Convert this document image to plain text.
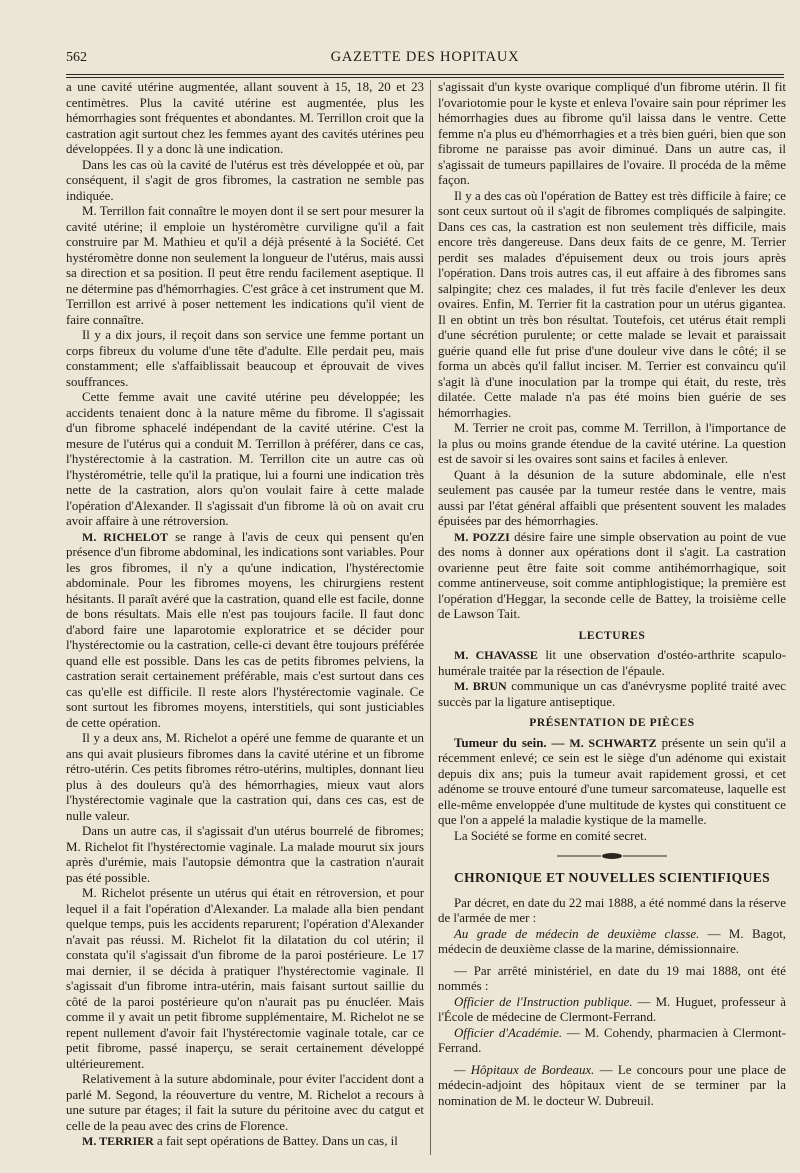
562	GAZETTE DES HOPITAUX

a une cavité utérine augmentée, allant souvent à 15, 18, 20 et 23 centimètres. Plus la cavité utérine est augmentée, plus les hémorrhagies sont fréquentes et abondantes. M. Terrillon croit que la castration agit surtout chez les femmes ayant des cavités utérines peu développées. Il y a donc là une indication.

Dans les cas où la cavité de l'utérus est très développée et où, par conséquent, il s'agit de gros fibromes, la castration ne semble pas indiquée.

M. Terrillon fait connaître le moyen dont il se sert pour mesurer la cavité utérine; il emploie un hystéromètre curviligne qu'il a fait construire par M. Mathieu et qu'il a déjà présenté à la Société. Cet hystéromètre donne non seulement la longueur de l'utérus, mais aussi sa direction et sa position. Il peut être rendu facilement aseptique. Il ne détermine pas d'hémorrhagies. C'est grâce à cet instrument que M. Terrillon est arrivé à poser nettement les indications qu'il vient de faire connaître.

Il y a dix jours, il reçoit dans son service une femme portant un corps fibreux du volume d'une tête d'adulte. Elle perdait peu, mais constamment; elle s'affaiblissait beaucoup et éprouvait de vives souffrances.

Cette femme avait une cavité utérine peu développée; les accidents tenaient donc à la nature même du fibrome. Il s'agissait d'un fibrome sphacelé indépendant de la cavité utérine. C'est la mesure de l'utérus qui a conduit M. Terrillon à préférer, dans ce cas, l'hystérectomie à la castration. M. Terrillon cite un autre cas où l'hystérométrie, telle qu'il la pratique, lui a fourni une indication très nette de la castration, alors qu'on voulait faire à cette malade l'opération d'Alexander. Il s'agissait d'un fibrome là où on avait cru avoir affaire à une rétroversion.

M. RICHELOT se range à l'avis de ceux qui pensent qu'en présence d'un fibrome abdominal, les indications sont variables. Pour les gros fibromes, il n'y a qu'une indication, l'hystérectomie abdominale. Pour les fibromes moyens, les chirurgiens restent hésitants. Il paraît avéré que la castration, quand elle est facile, donne de bons résultats. Mais elle n'est pas toujours facile. Il faut donc d'abord faire une laparotomie exploratrice et se décider pour l'hystérectomie ou la castration, celle-ci devant être toujours préférée quand elle est possible. Dans les cas de petits fibromes pelviens, la castration serait certainement préférable, mais c'est surtout dans ces cas qu'elle est difficile. Il reste alors l'hystérectomie vaginale. Ce sont surtout les fibromes moyens, interstitiels, qui sont justiciables de cette opération.

Il y a deux ans, M. Richelot a opéré une femme de quarante et un ans qui avait plusieurs fibromes dans la cavité utérine et un fibrome rétro-utérin. Ces petits fibromes rétro-utérins, multiples, donnant lieu plus à des douleurs qu'à des hémorrhagies, mieux vaut alors l'hystérectomie vaginale que la castration qui, dans ces cas, est de nulle valeur.

Dans un autre cas, il s'agissait d'un utérus bourrelé de fibromes; M. Richelot fit l'hystérectomie vaginale. La malade mourut six jours après d'urémie, mais l'autopsie démontra que la castration n'aurait pas été possible.

M. Richelot présente un utérus qui était en rétroversion, et pour lequel il a fait l'opération d'Alexander. La malade alla bien pendant quelque temps, puis les accidents reparurent; l'opération d'Alexander n'avait pas réussi. M. Richelot fit la dilatation du col utérin; il constata qu'il s'agissait d'un fibrome de la paroi postérieure. Le 17 mai dernier, il se décida à pratiquer l'hystérectomie vaginale. Il s'agissait d'un fibrome intra-utérin, mais faisant surtout saillie du côté de la paroi postérieure qu'on n'aurait pas pu énucléer. Mais comme il y avait un petit fibrome supplémentaire, M. Richelot ne se repent nullement d'avoir fait l'hystérectomie vaginale totale, car ce petit fibrome, passé inaperçu, se serait certainement développé ultérieurement.

Relativement à la suture abdominale, pour éviter l'accident dont a parlé M. Segond, la réouverture du ventre, M. Richelot a recours à une suture par étages; il fait la suture du péritoine avec du catgut et celle de la peau avec des crins de Florence.

M. TERRIER a fait sept opérations de Battey. Dans un cas, il

s'agissait d'un kyste ovarique compliqué d'un fibrome utérin. Il fit l'ovariotomie pour le kyste et enleva l'ovaire sain pour réprimer les hémorrhagies dues au fibrome qu'il laissa dans le ventre. Cette femme n'a plus eu d'hémorrhagies et a très bien guéri, bien que son fibrome ne paraisse pas avoir diminué. Dans un autre cas, il s'agissait de tumeurs papillaires de l'ovaire. Il procéda de la même façon.

Il y a des cas où l'opération de Battey est très difficile à faire; ce sont ceux surtout où il s'agit de fibromes compliqués de salpingite. Dans ces cas, la castration est non seulement très difficile, mais encore très dangereuse. Dans deux faits de ce genre, M. Terrier perdit ses malades d'épuisement deux ou trois jours après l'opération. Dans trois autres cas, il eut affaire à des fibromes sans salpingite; chez ces malades, il fut très facile d'enlever les deux ovaires. Enfin, M. Terrier fit la castration pour un utérus gigantea. Il en obtint un très bon résultat. Toutefois, cet utérus était rempli d'une sécrétion purulente; or cette malade se levait et paraissait guérie quand elle fut prise d'une douleur vive dans le côté; il se forma un abcès qu'il fallut inciser. M. Terrier est convaincu qu'il s'agit là d'une inoculation par la trompe qui était, du reste, très dilatée. Cette malade n'a pas été moins bien guérie de ses hémorrhagies.

M. Terrier ne croit pas, comme M. Terrillon, à l'importance de la plus ou moins grande étendue de la cavité utérine. La question est de savoir si les ovaires sont sains et faciles à enlever.

Quant à la désunion de la suture abdominale, elle n'est seulement pas causée par la tumeur restée dans le ventre, mais aussi par l'état général affaibli que présentent souvent les malades épuisées par des hémorrhagies.

M. POZZI désire faire une simple observation au point de vue des noms à donner aux opérations dont il s'agit. La castration ovarienne peut être faite soit comme antihémorrhagique, soit comme antinerveuse, soit comme antiphlogistique; la première est l'opération d'Heggar, la seconde celle de Battey, la troisième celle de Lawson Tait.

LECTURES

M. CHAVASSE lit une observation d'ostéo-arthrite scapulo-humérale traitée par la résection de l'épaule.

M. BRUN communique un cas d'anévrysme poplité traité avec succès par la ligature antiseptique.

PRÉSENTATION DE PIÈCES

Tumeur du sein. — M. SCHWARTZ présente un sein qu'il a récemment enlevé; ce sein est le siège d'un adénome qui existait depuis dix ans; puis la tumeur avait rapidement grossi, et cet adénome se trouve entouré d'une tumeur sarcomateuse, laquelle est elle-même enveloppée d'une multitude de kystes qui constituent ce que l'on a appelé la maladie kystique de la mamelle.

La Société se forme en comité secret.

CHRONIQUE ET NOUVELLES SCIENTIFIQUES

Par décret, en date du 22 mai 1888, a été nommé dans la réserve de l'armée de mer :

Au grade de médecin de deuxième classe. — M. Bagot, médecin de deuxième classe de la marine, démissionnaire.

— Par arrêté ministériel, en date du 19 mai 1888, ont été nommés :

Officier de l'Instruction publique. — M. Huguet, professeur à l'École de médecine de Clermont-Ferrand.

Officier d'Académie. — M. Cohendy, pharmacien à Clermont-Ferrand.

— Hôpitaux de Bordeaux. — Le concours pour une place de médecin-adjoint des hôpitaux vient de se terminer par la nomination de M. le docteur W. Dubreuil.
